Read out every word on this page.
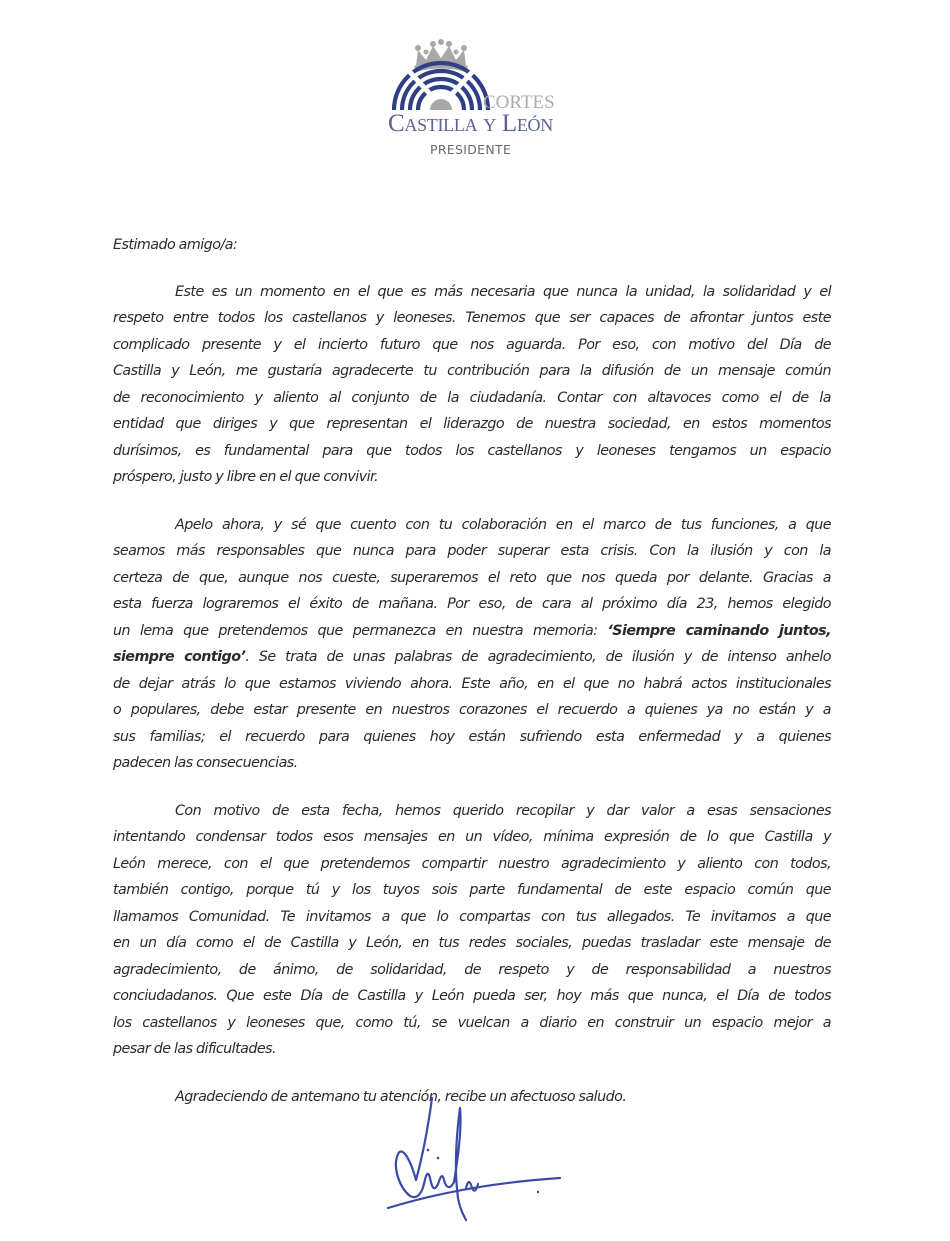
CORTES
Castilla y León
PRESIDENTE
Estimado amigo/a:
Este es un momento en el que es más necesaria que nunca la unidad, la solidaridad y el
respeto entre todos los castellanos y leoneses. Tenemos que ser capaces de afrontar juntos este
complicado presente y el incierto futuro que nos aguarda. Por eso, con motivo del Día de
Castilla y León, me gustaría agradecerte tu contribución para la difusión de un mensaje común
de reconocimiento y aliento al conjunto de la ciudadanía. Contar con altavoces como el de la
entidad que diriges y que representan el liderazgo de nuestra sociedad, en estos momentos
durísimos, es fundamental para que todos los castellanos y leoneses tengamos un espacio
próspero, justo y libre en el que convivir.
Apelo ahora, y sé que cuento con tu colaboración en el marco de tus funciones, a que
seamos más responsables que nunca para poder superar esta crisis. Con la ilusión y con la
certeza de que, aunque nos cueste, superaremos el reto que nos queda por delante. Gracias a
esta fuerza lograremos el éxito de mañana. Por eso, de cara al próximo día 23, hemos elegido
un lema que pretendemos que permanezca en nuestra memoria: ‘Siempre caminando juntos,
siempre contigo’. Se trata de unas palabras de agradecimiento, de ilusión y de intenso anhelo
de dejar atrás lo que estamos viviendo ahora. Este año, en el que no habrá actos institucionales
o populares, debe estar presente en nuestros corazones el recuerdo a quienes ya no están y a
sus familias; el recuerdo para quienes hoy están sufriendo esta enfermedad y a quienes
padecen las consecuencias.
Con motivo de esta fecha, hemos querido recopilar y dar valor a esas sensaciones
intentando condensar todos esos mensajes en un vídeo, mínima expresión de lo que Castilla y
León merece, con el que pretendemos compartir nuestro agradecimiento y aliento con todos,
también contigo, porque tú y los tuyos sois parte fundamental de este espacio común que
llamamos Comunidad. Te invitamos a que lo compartas con tus allegados. Te invitamos a que
en un día como el de Castilla y León, en tus redes sociales, puedas trasladar este mensaje de
agradecimiento, de ánimo, de solidaridad, de respeto y de responsabilidad a nuestros
conciudadanos. Que este Día de Castilla y León pueda ser, hoy más que nunca, el Día de todos
los castellanos y leoneses que, como tú, se vuelcan a diario en construir un espacio mejor a
pesar de las dificultades.
Agradeciendo de antemano tu atención, recibe un afectuoso saludo.
